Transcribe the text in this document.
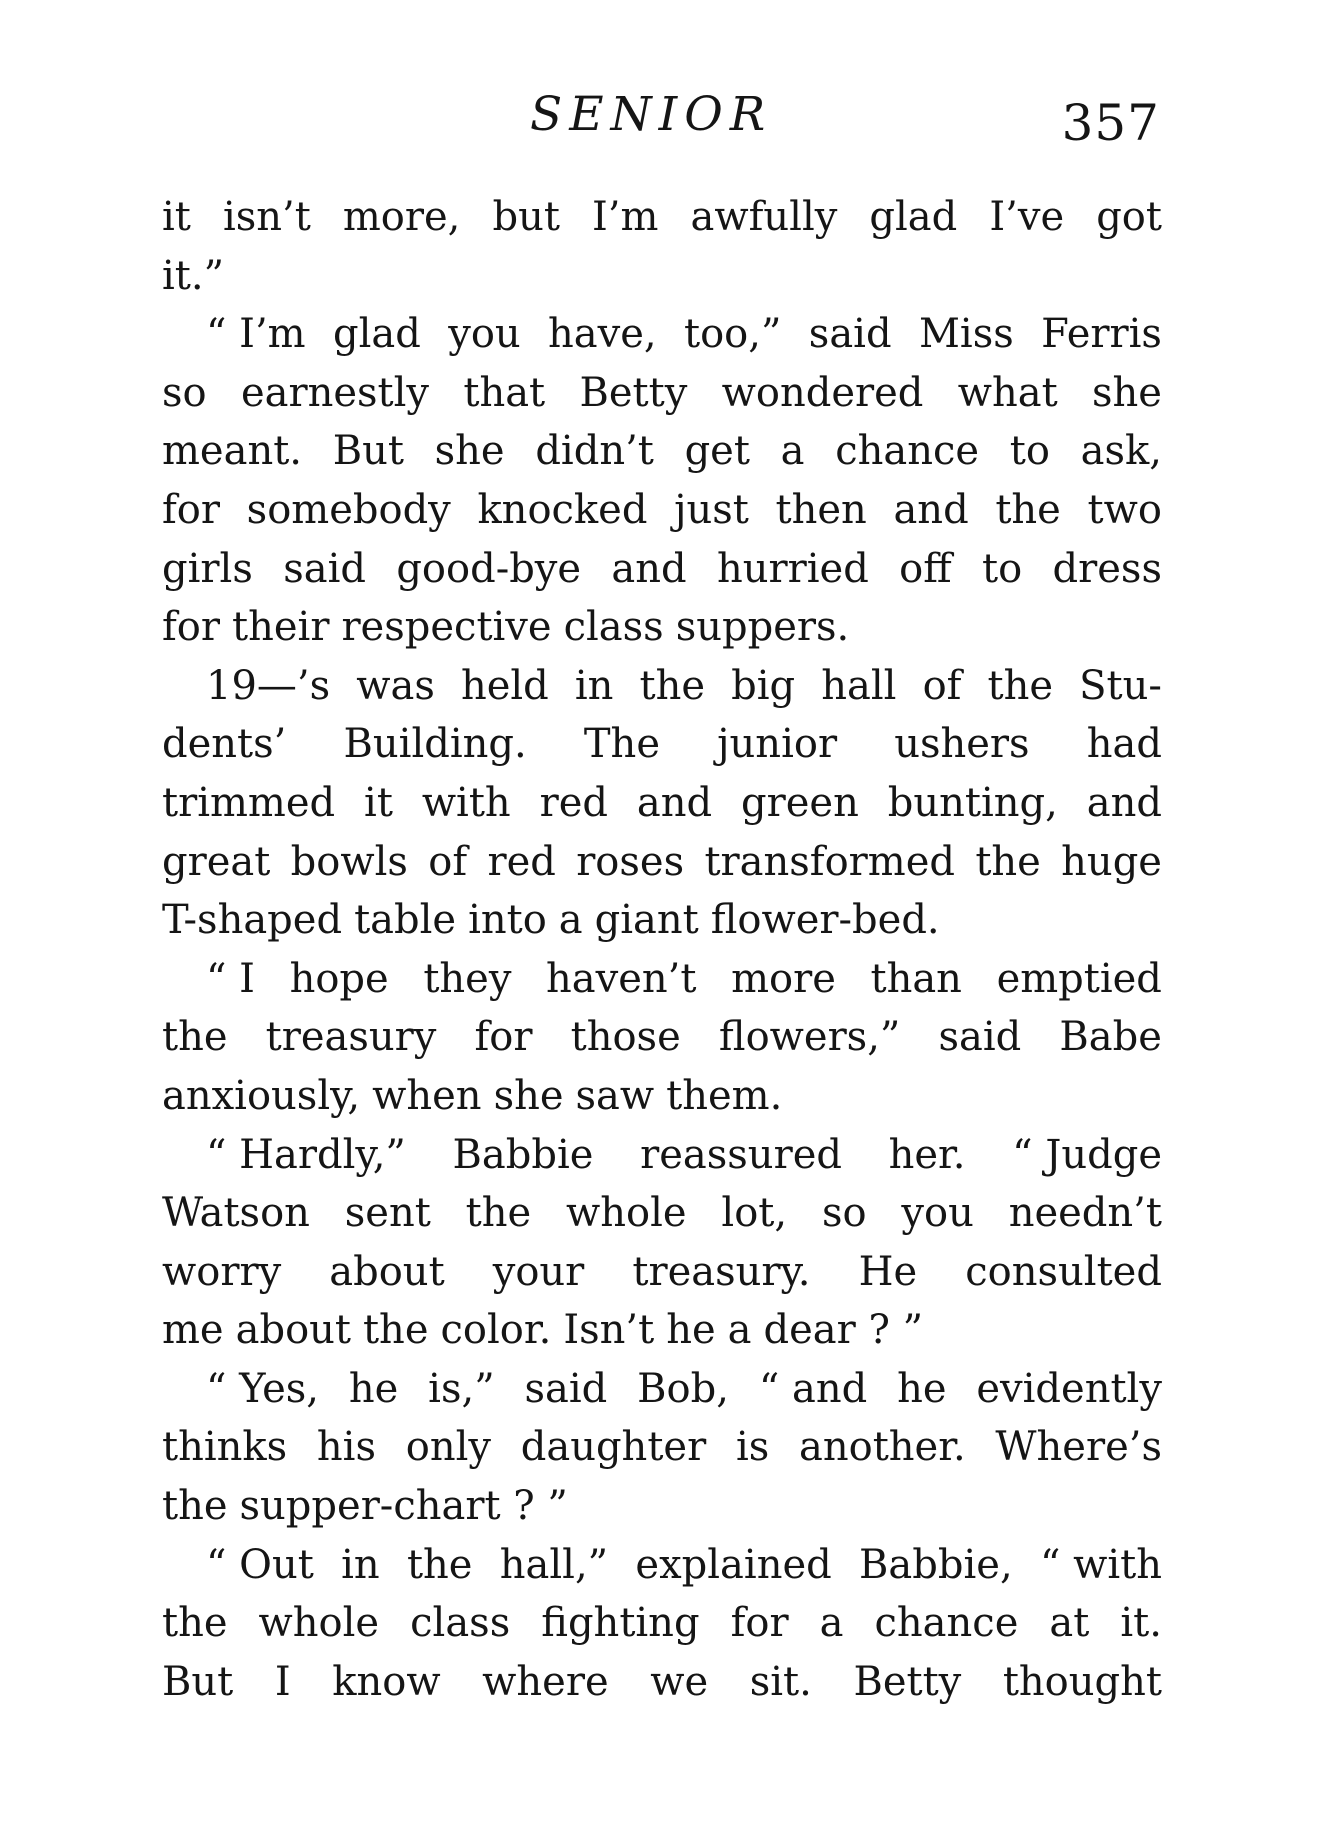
SENIOR	357
it isn’t more, but I’m awfully glad I’ve got
it.”
“ I’m glad you have, too,” said Miss Ferris
so earnestly that Betty wondered what she
meant. But she didn’t get a chance to ask,
for somebody knocked just then and the two
girls said good-bye and hurried off to dress
for their respective class suppers.
19—’s was held in the big hall of the Stu-
dents’ Building. The junior ushers had
trimmed it with red and green bunting, and
great bowls of red roses transformed the huge
T-shaped table into a giant flower-bed.
“ I hope they haven’t more than emptied
the treasury for those flowers,” said Babe
anxiously, when she saw them.
“ Hardly,” Babbie reassured her. “ Judge
Watson sent the whole lot, so you needn’t
worry about your treasury. He consulted
me about the color. Isn’t he a dear ? ”
“ Yes, he is,” said Bob, “ and he evidently
thinks his only daughter is another. Where’s
the supper-chart ? ”
“ Out in the hall,” explained Babbie, “ with
the whole class fighting for a chance at it.
But I know where we sit. Betty thought
